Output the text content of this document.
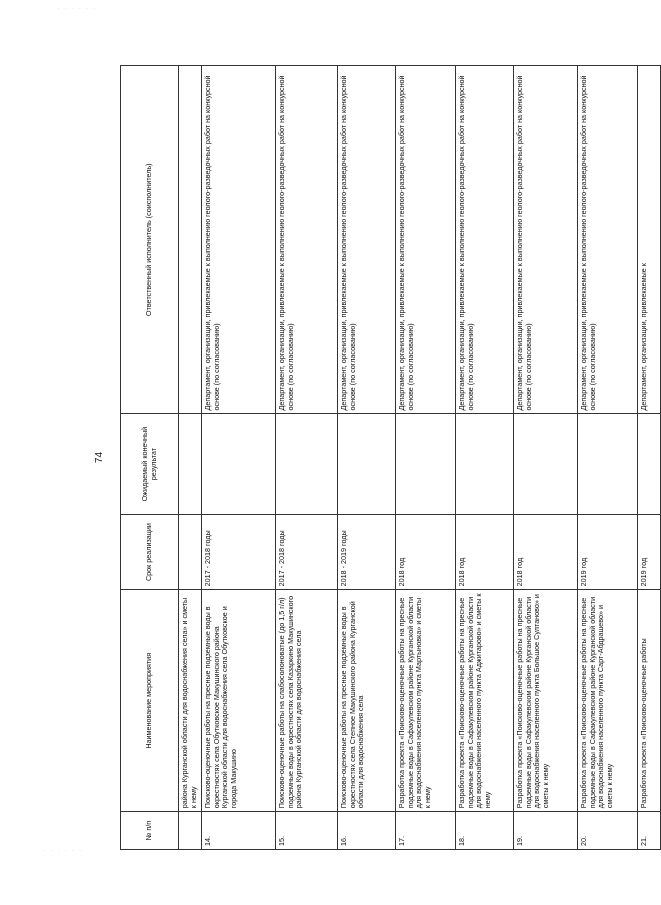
· · · · · ·
· · · · · ·
74
№ п/п	Наименование мероприятия	Срок реализации	Ожидаемый конечный результат	Ответственный исполнитель (соисполнитель)
	района Курганской области для водоснабжения села» и сметы к нему			
14.	Поисково-оценочные работы на пресные подземные воды в окрестностях села Обутковское Макушинского района Курганской области для водоснабжения села Обутковское и города Макушино	2017 - 2018 годы		Департамент, организации, привлекаемые к выполнению геолого-разведочных работ на конкурсной основе (по согласованию)
15.	Поисково-оценочные работы на слабосолоноватые (до 1,5 г/л) подземные воды в окрестностях села Казаркино Макушинского района Курганской области для водоснабжения села	2017 - 2018 годы		Департамент, организации, привлекаемые к выполнению геолого-разведочных работ на конкурсной основе (по согласованию)
16.	Поисково-оценочные работы на пресные подземные воды в окрестностях села Степное Макушинского района Курганской области для водоснабжения села	2018 - 2019 годы		Департамент, организации, привлекаемые к выполнению геолого-разведочных работ на конкурсной основе (по согласованию)
17.	Разработка проекта «Поисково-оценочные работы на пресные подземные воды в Сафакулевском районе Курганской области для водоснабжения населенного пункта Мартыновка» и сметы к нему	2018 год		Департамент, организации, привлекаемые к выполнению геолого-разведочных работ на конкурсной основе (по согласованию)
18.	Разработка проекта «Поисково-оценочные работы на пресные подземные воды в Сафакулевском районе Курганской области для водоснабжения населенного пункта Аджитарово» и сметы к нему	2018 год		Департамент, организации, привлекаемые к выполнению геолого-разведочных работ на конкурсной основе (по согласованию)
19.	Разработка проекта «Поисково-оценочные работы на пресные подземные воды в Сафакулевском районе Курганской области для водоснабжения населенного пункта Большое Султаново» и сметы к нему	2018 год		Департамент, организации, привлекаемые к выполнению геолого-разведочных работ на конкурсной основе (по согласованию)
20.	Разработка проекта «Поисково-оценочные работы на пресные подземные воды в Сафакулевском районе Курганской области для водоснабжения населенного пункта Сарт-Абдрашево» и сметы к нему	2019 год		Департамент, организации, привлекаемые к выполнению геолого-разведочных работ на конкурсной основе (по согласованию)
21.	Разработка проекта «Поисково-оценочные работы	2019 год		Департамент, организации, привлекаемые к
